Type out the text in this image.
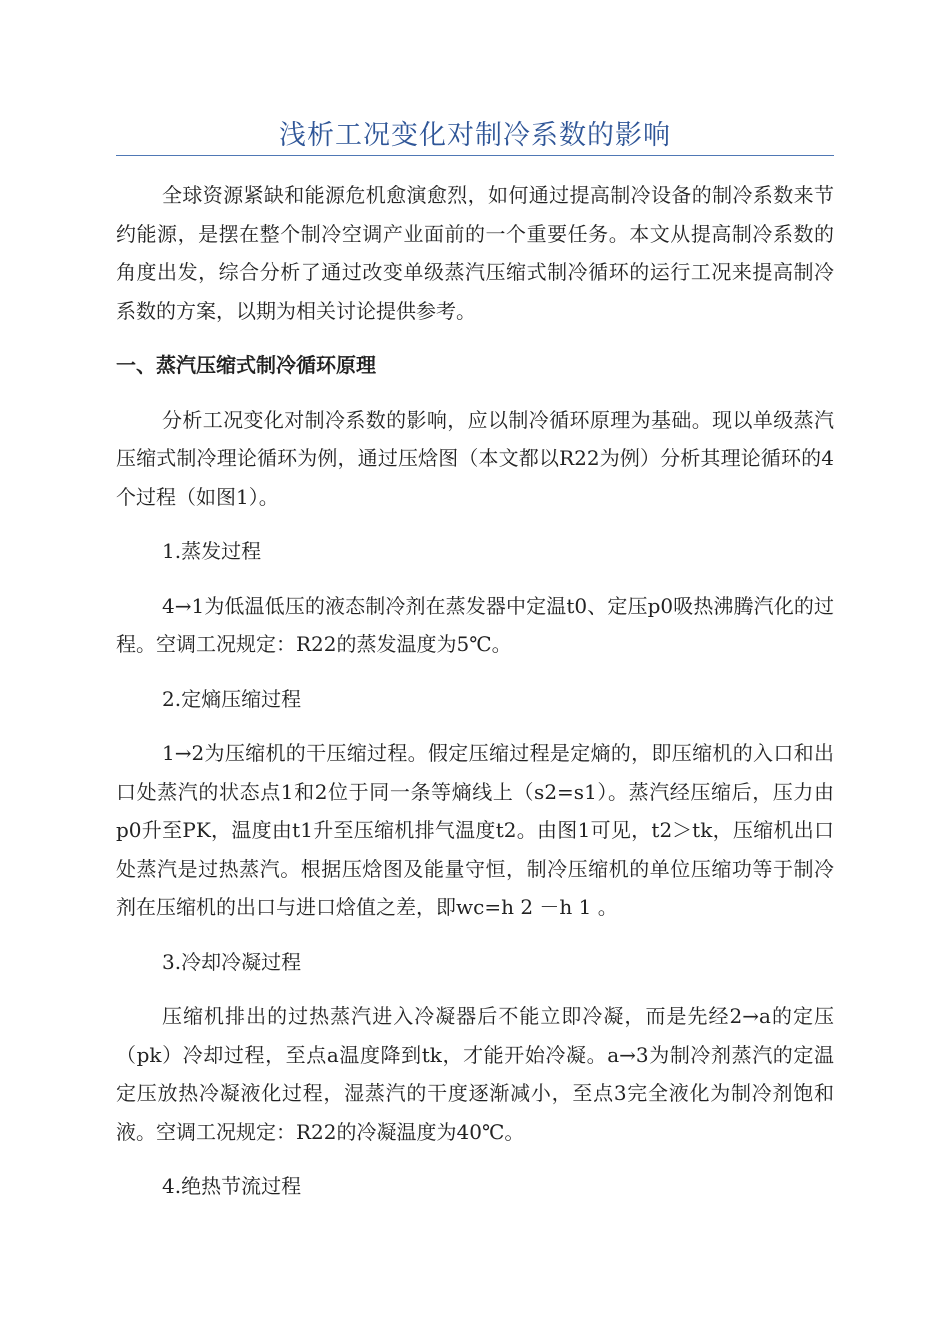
浅析工况变化对制冷系数的影响

全球资源紧缺和能源危机愈演愈烈，如何通过提高制冷设备的制冷系数来节约能源，是摆在整个制冷空调产业面前的一个重要任务。本文从提高制冷系数的角度出发，综合分析了通过改变单级蒸汽压缩式制冷循环的运行工况来提高制冷系数的方案，以期为相关讨论提供参考。

一、蒸汽压缩式制冷循环原理

分析工况变化对制冷系数的影响，应以制冷循环原理为基础。现以单级蒸汽压缩式制冷理论循环为例，通过压焓图（本文都以R22为例）分析其理论循环的4个过程（如图1）。

1.蒸发过程

4→1为低温低压的液态制冷剂在蒸发器中定温t0、定压p0吸热沸腾汽化的过程。空调工况规定：R22的蒸发温度为5℃。

2.定熵压缩过程

1→2为压缩机的干压缩过程。假定压缩过程是定熵的，即压缩机的入口和出口处蒸汽的状态点1和2位于同一条等熵线上（s2=s1）。蒸汽经压缩后，压力由p0升至PK，温度由t1升至压缩机排气温度t2。由图1可见，t2＞tk，压缩机出口处蒸汽是过热蒸汽。根据压焓图及能量守恒，制冷压缩机的单位压缩功等于制冷剂在压缩机的出口与进口焓值之差，即wc=h 2 －h 1 。

3.冷却冷凝过程

压缩机排出的过热蒸汽进入冷凝器后不能立即冷凝，而是先经2→a的定压（pk）冷却过程，至点a温度降到tk，才能开始冷凝。a→3为制冷剂蒸汽的定温定压放热冷凝液化过程，湿蒸汽的干度逐渐减小，至点3完全液化为制冷剂饱和液。空调工况规定：R22的冷凝温度为40℃。

4.绝热节流过程
